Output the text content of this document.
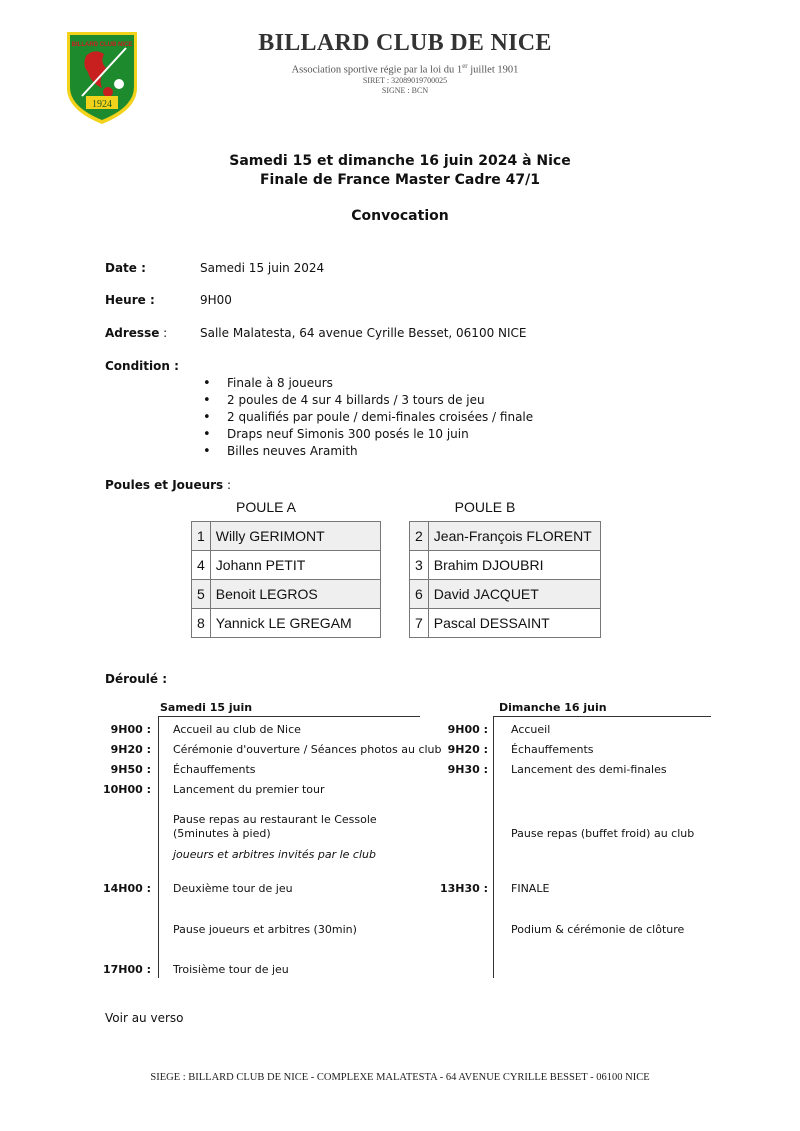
1924
BILLARD CLUB NICE	BILLARD CLUB DE NICE
Association sportive régie par la loi du 1er juillet 1901
SIRET : 32089019700025
SIGNE : BCN
Samedi 15 et dimanche 16 juin 2024 à Nice
Finale de France Master Cadre 47/1
Convocation
Date :	Samedi 15 juin 2024
Heure :	9H00
Adresse :	Salle Malatesta, 64 avenue Cyrille Besset, 06100 NICE
Condition :
• Finale à 8 joueurs
• 2 poules de 4 sur 4 billards / 3 tours de jeu
• 2 qualifiés par poule / demi-finales croisées / finale
• Draps neuf Simonis 300 posés le 10 juin
• Billes neuves Aramith
Poules et Joueurs :
POULE A	POULE B
1	Willy GERIMONT
4	Johann PETIT
5	Benoit LEGROS
8	Yannick LE GREGAM
2	Jean-François FLORENT
3	Brahim DJOUBRI
6	David JACQUET
7	Pascal DESSAINT
Déroulé :
Samedi 15 juin
9H00 : Accueil au club de Nice
9H20 : Cérémonie d'ouverture / Séances photos au club
9H50 : Échauffements
10H00 : Lancement du premier tour
Pause repas au restaurant le Cessole
(5minutes à pied)
joueurs et arbitres invités par le club
14H00 : Deuxième tour de jeu
Pause joueurs et arbitres (30min)
17H00 : Troisième tour de jeu
Dimanche 16 juin
9H00 : Accueil
9H20 : Échauffements
9H30 : Lancement des demi-finales
Pause repas (buffet froid) au club
13H30 : FINALE
Podium & cérémonie de clôture
Voir au verso
SIEGE : BILLARD CLUB DE NICE - COMPLEXE MALATESTA - 64 AVENUE CYRILLE BESSET - 06100 NICE
